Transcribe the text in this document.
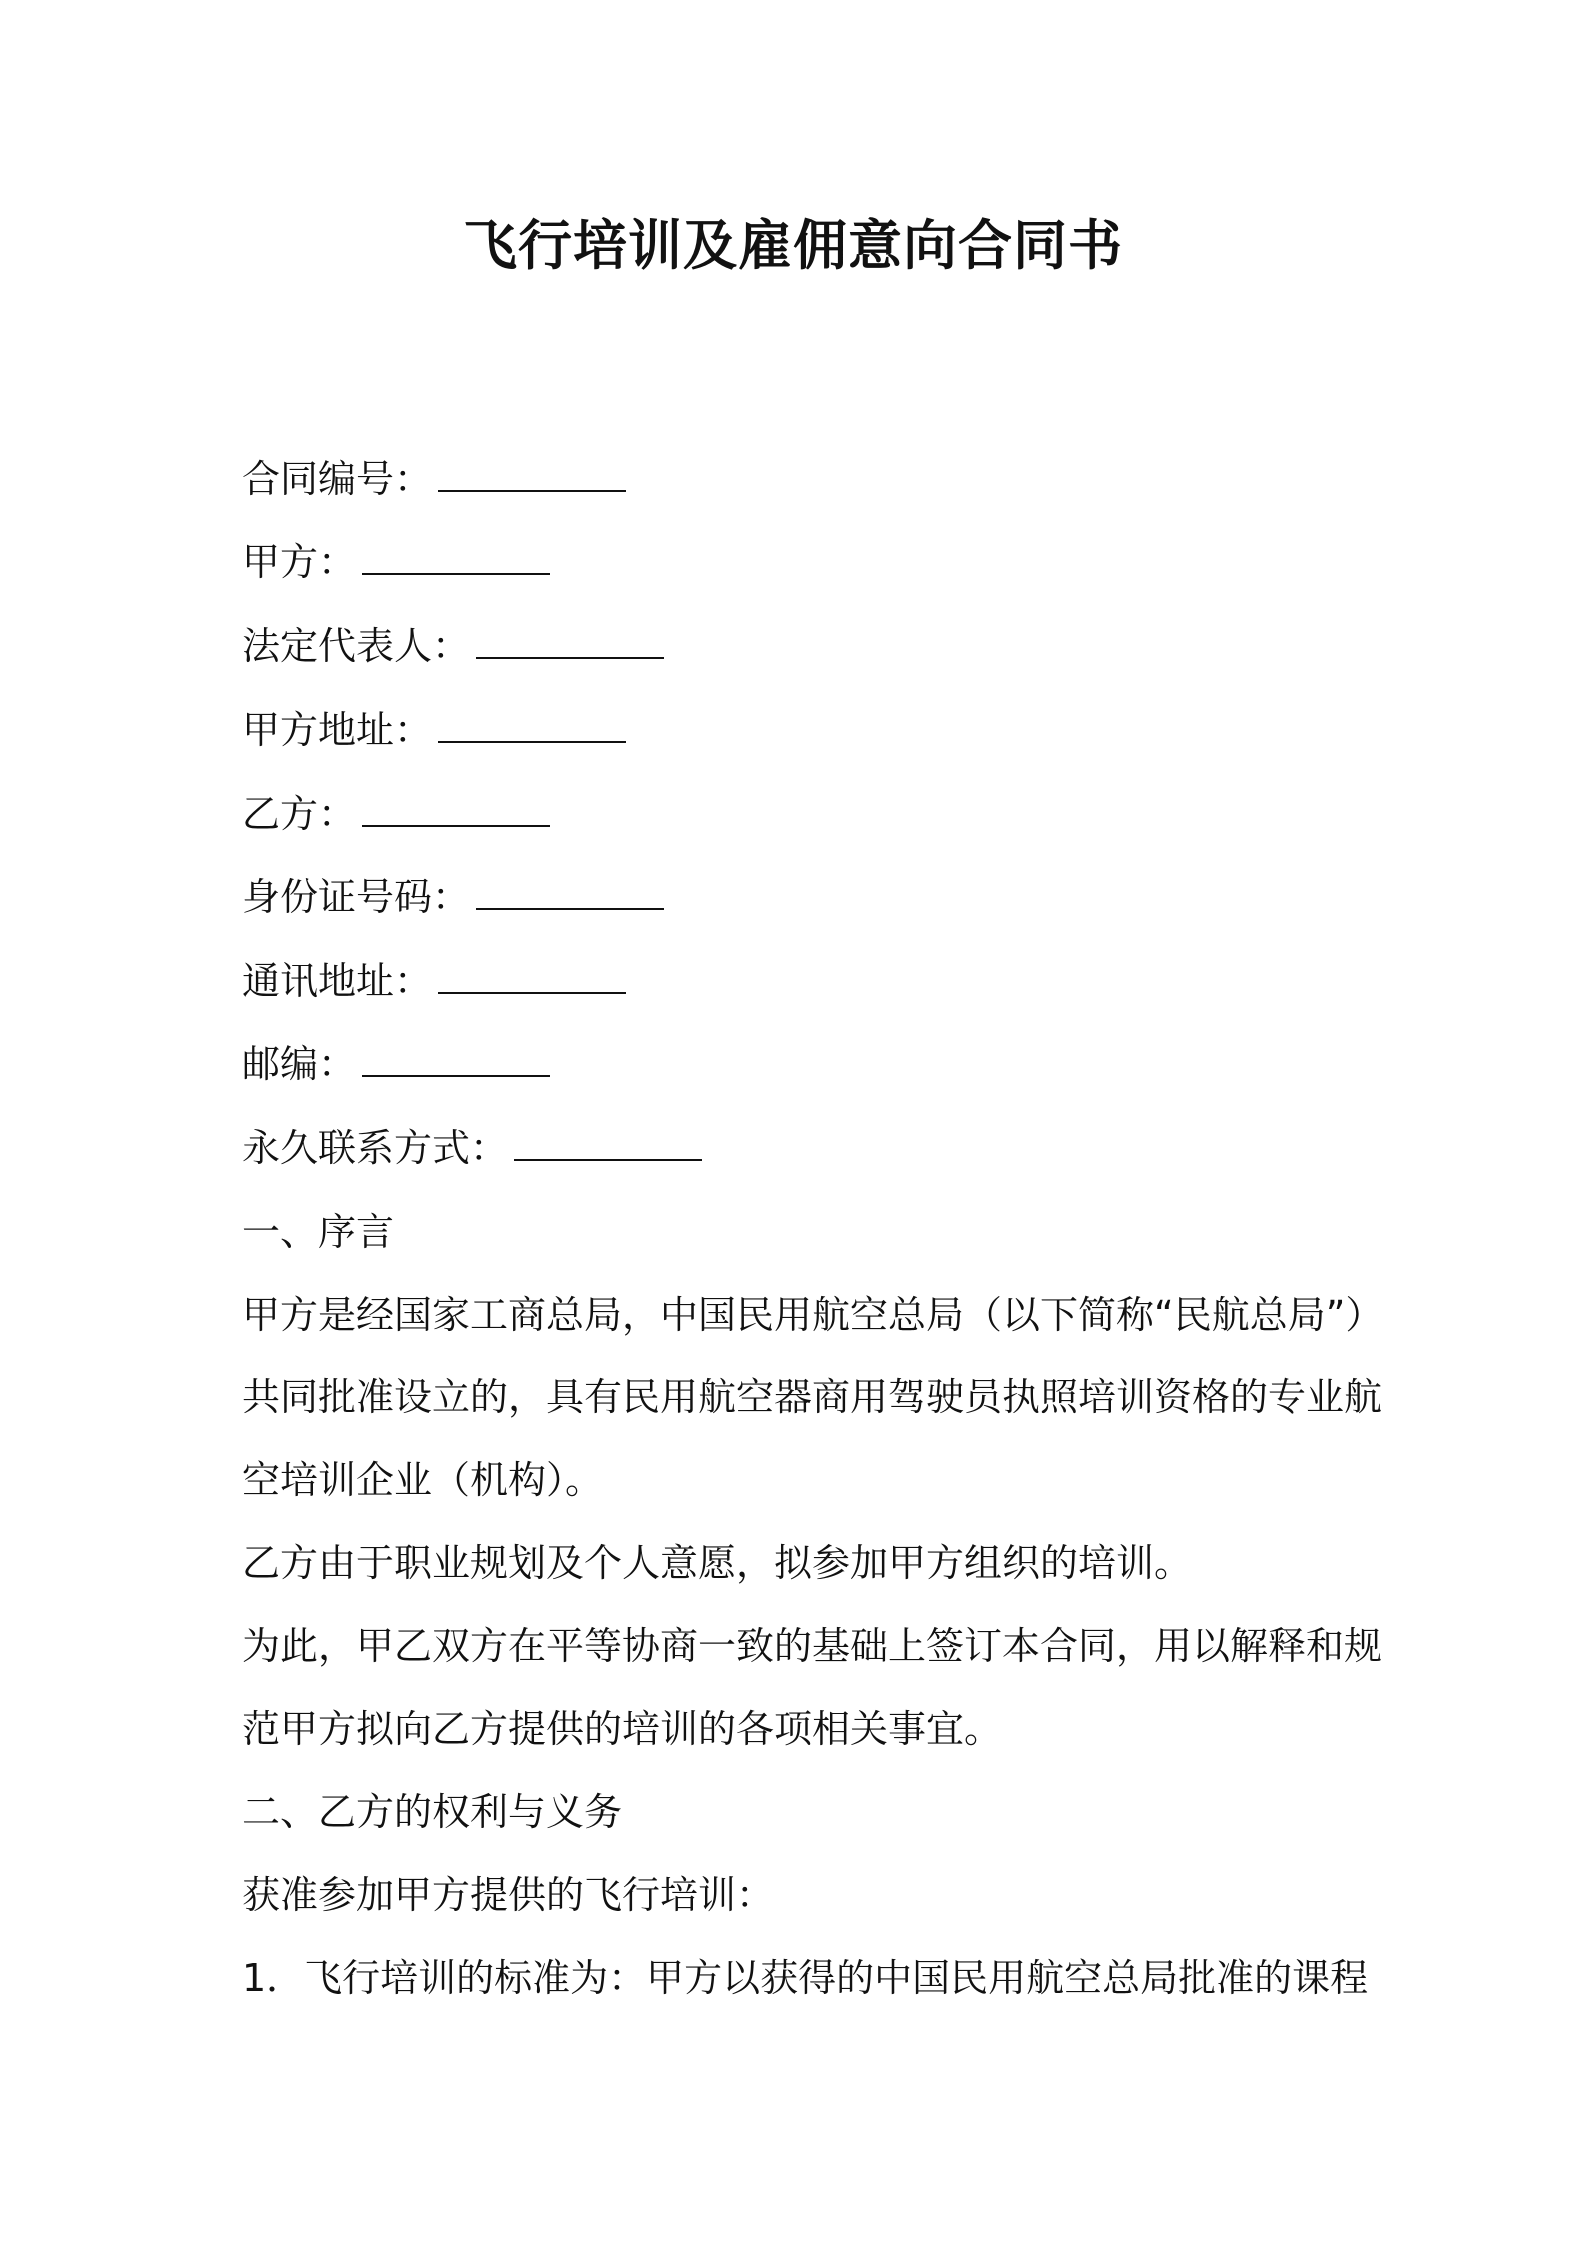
飞行培训及雇佣意向合同书
合同编号：
甲方：
法定代表人：
甲方地址：
乙方：
身份证号码：
通讯地址：
邮编：
永久联系方式：
一、序言
甲方是经国家工商总局，中国民用航空总局（以下简称“民航总局”）
共同批准设立的，具有民用航空器商用驾驶员执照培训资格的专业航
空培训企业（机构）。
乙方由于职业规划及个人意愿，拟参加甲方组织的培训。
为此，甲乙双方在平等协商一致的基础上签订本合同，用以解释和规
范甲方拟向乙方提供的培训的各项相关事宜。
二、乙方的权利与义务
获准参加甲方提供的飞行培训：
1．飞行培训的标准为：甲方以获得的中国民用航空总局批准的课程
